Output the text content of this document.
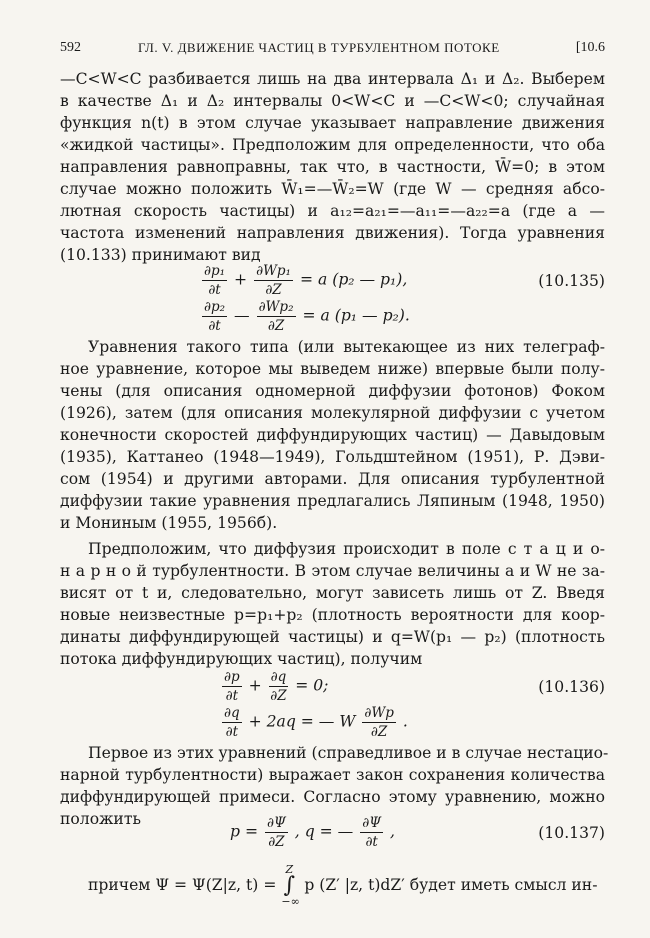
592	ГЛ. V. ДВИЖЕНИЕ ЧАСТИЦ В ТУРБУЛЕНТНОМ ПОТОКЕ	[10.6
—C<W<C разбивается лишь на два интервала Δ₁ и Δ₂. Выберем
в качестве Δ₁ и Δ₂ интервалы 0<W<C и —C<W<0; случайная
функция n(t) в этом случае указывает направление движения
«жидкой частицы». Предположим для определенности, что оба
направления равноправны, так что, в частности, W̄=0; в этом
случае можно положить W̄₁=—W̄₂=W (где W — средняя абсо-
лютная скорость частицы) и a₁₂=a₂₁=—a₁₁=—a₂₂=a (где a —
частота изменений направления движения). Тогда уравнения
(10.133) принимают вид
$\frac{\text{∂p₁}}{\partial t} + \frac{\text{∂Wp₁}}{\partial Z} = a$ (p₂ — p₁),
$\frac{\text{∂p₂}}{\partial t}$ — $\frac{\text{∂Wp₂}}{\partial Z} = a$ (p₁ — p₂).
(10.135)
Уравнения такого типа (или вытекающее из них телеграф-
ное уравнение, которое мы выведем ниже) впервые были полу-
чены (для описания одномерной диффузии фотонов) Фоком
(1926), затем (для описания молекулярной диффузии с учетом
конечности скоростей диффундирующих частиц) — Давыдовым
(1935), Каттанео (1948—1949), Гольдштейном (1951), Р. Дэви-
сом (1954) и другими авторами. Для описания турбулентной
диффузии такие уравнения предлагались Ляпиным (1948, 1950)
и Мониным (1955, 1956б).
Предположим, что диффузия происходит в поле с т а ц и о-
н а р н о й турбулентности. В этом случае величины a и W не за-
висят от t и, следовательно, могут зависеть лишь от Z. Введя
новые неизвестные p=p₁+p₂ (плотность вероятности для коор-
динаты диффундирующей частицы) и q=W(p₁ — p₂) (плотность
потока диффундирующих частиц), получим
$\frac{\partial p}{\partial t} + \frac{\partial q}{\partial Z} = 0$;
$\frac{\partial q}{\partial t} + 2aq$ = — W $\frac{\partial Wp}{\partial Z}$ .
(10.136)
Первое из этих уравнений (справедливое и в случае нестацио-
нарной турбулентности) выражает закон сохранения количества
диффундирующей примеси. Согласно этому уравнению, можно
положить
$p = \frac{\partial\Psi}{\partial Z}$ , q = — $\frac{\partial\Psi}{\partial t}$ ,	(10.137)
причем Ψ = Ψ(Z|z, t) =
Z
∫
−∞
p (Z′ |z, t)dZ′ будет иметь смысл ин-
